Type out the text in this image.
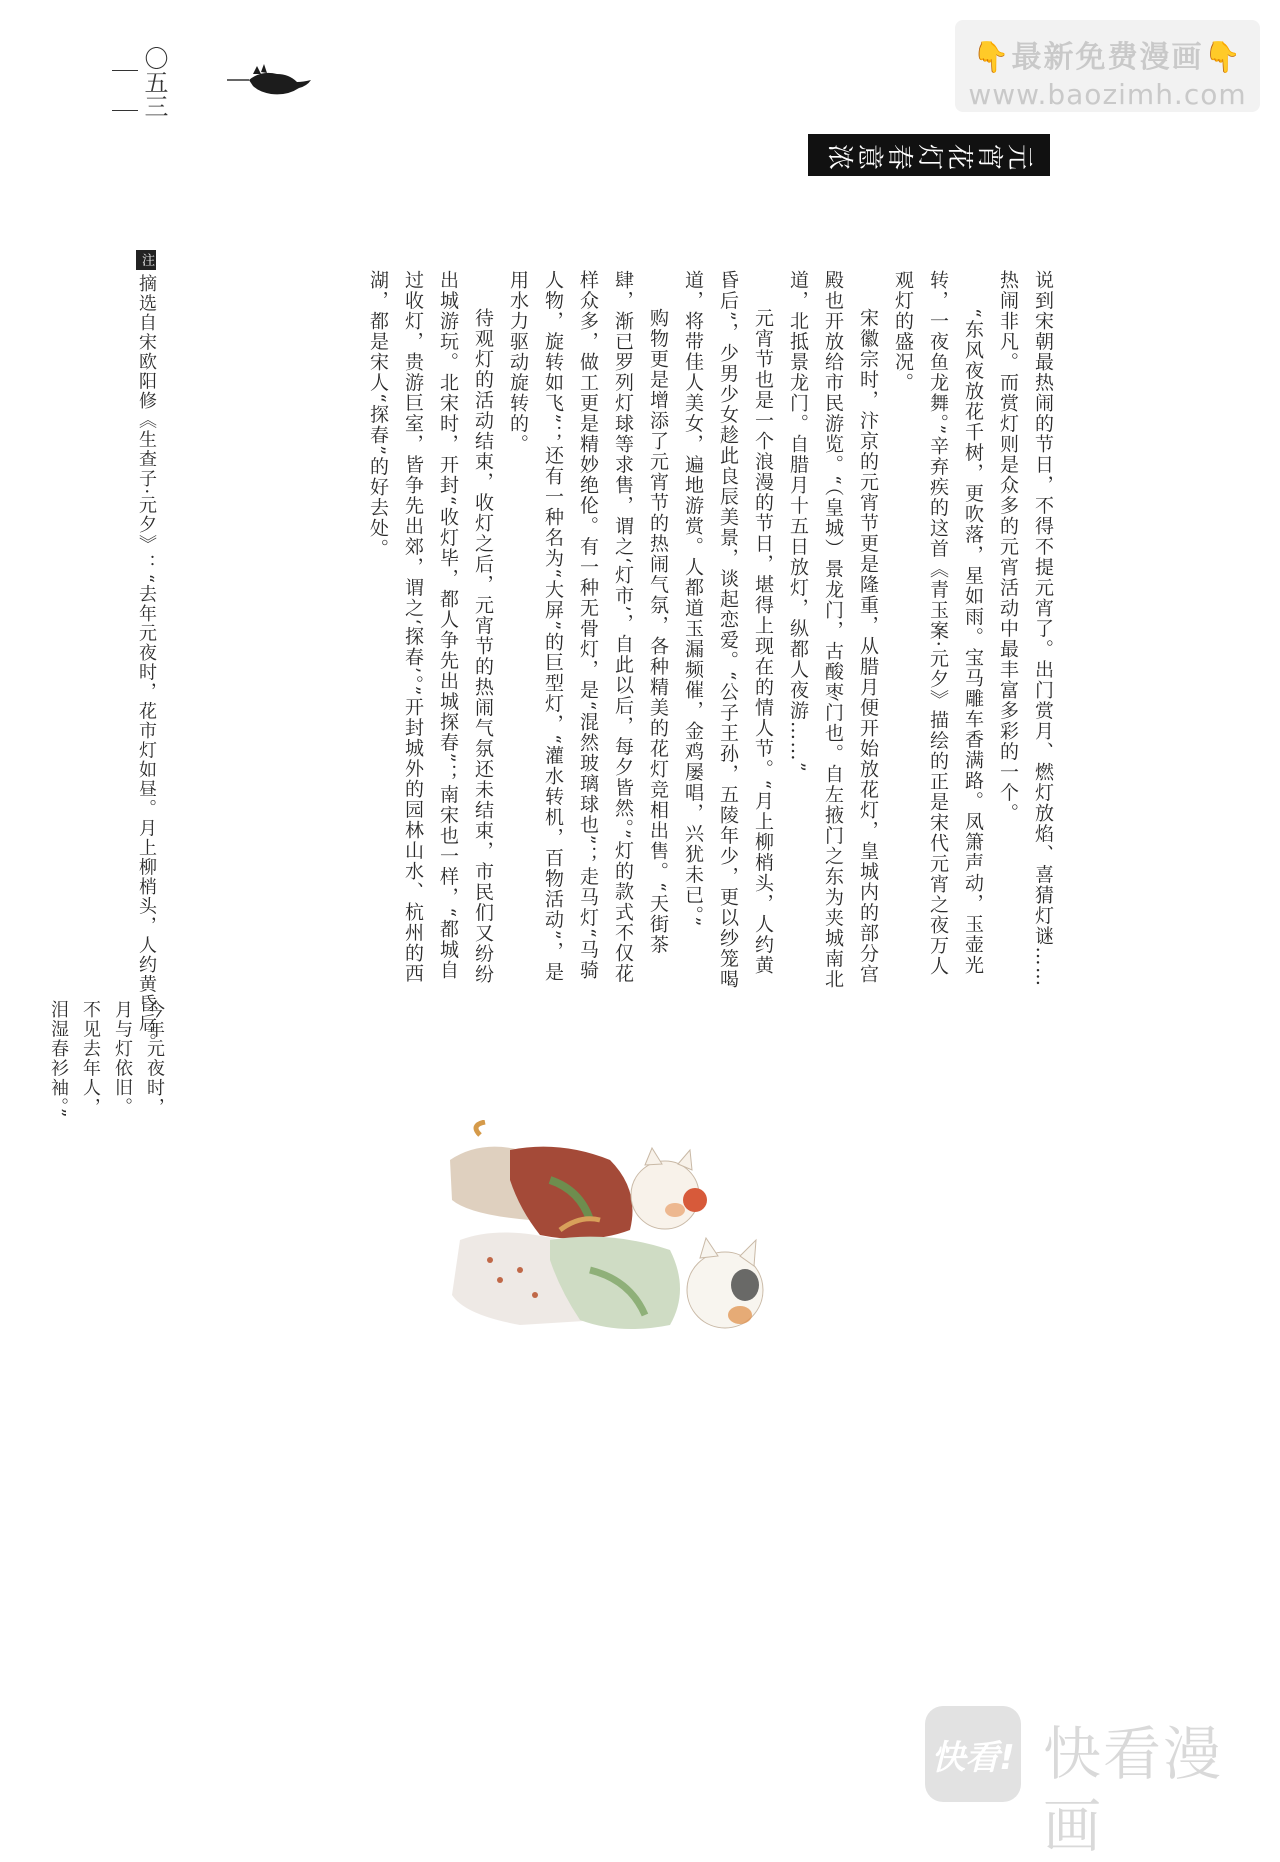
〇五三	👇最新免费漫画👇
www.baozimh.com
元宵花灯春意浓

说到宋朝最热闹的节日，不得不提元宵了。出门赏月、燃灯放焰、喜猜灯谜……热闹非凡。而赏灯则是众多的元宵活动中最丰富多彩的一个。

“东风夜放花千树，更吹落，星如雨。宝马雕车香满路。凤箫声动，玉壶光转，一夜鱼龙舞。”辛弃疾的这首《青玉案·元夕》描绘的正是宋代元宵之夜万人观灯的盛况。

宋徽宗时，汴京的元宵节更是隆重，从腊月便开始放花灯，皇城内的部分宫殿也开放给市民游览。“（皇城）景龙门，古酸枣门也。自左掖门之东为夹城南北道，北抵景龙门。自腊月十五日放灯，纵都人夜游……”

元宵节也是一个浪漫的节日，堪得上现在的情人节。“月上柳梢头，人约黄昏后”，少男少女趁此良辰美景，谈起恋爱。“公子王孙，五陵年少，更以纱笼喝道，将带佳人美女，遍地游赏。人都道玉漏频催，金鸡屡唱，兴犹未已。”

购物更是增添了元宵节的热闹气氛，各种精美的花灯竞相出售。“天街茶肆，渐已罗列灯球等求售，谓之‘灯市’，自此以后，每夕皆然。”灯的款式不仅花样众多，做工更是精妙绝伦。有一种无骨灯，是“混然玻璃球也”；走马灯“马骑人物，旋转如飞”；还有一种名为“大屏”的巨型灯，“灌水转机，百物活动”，是用水力驱动旋转的。

待观灯的活动结束，收灯之后，元宵节的热闹气氛还未结束，市民们又纷纷出城游玩。北宋时，开封“收灯毕，都人争先出城探春”；南宋也一样，“都城自过收灯，贵游巨室，皆争先出郊，谓之‘探春’。”开封城外的园林山水、杭州的西湖，都是宋人“探春”的好去处。

注摘选自宋欧阳修《生查子·元夕》：“去年元夜时，花市灯如昼。月上柳梢头，人约黄昏后。
今年元夜时，月与灯依旧。不见去年人，泪湿春衫袖。”
快看! 快看漫画
